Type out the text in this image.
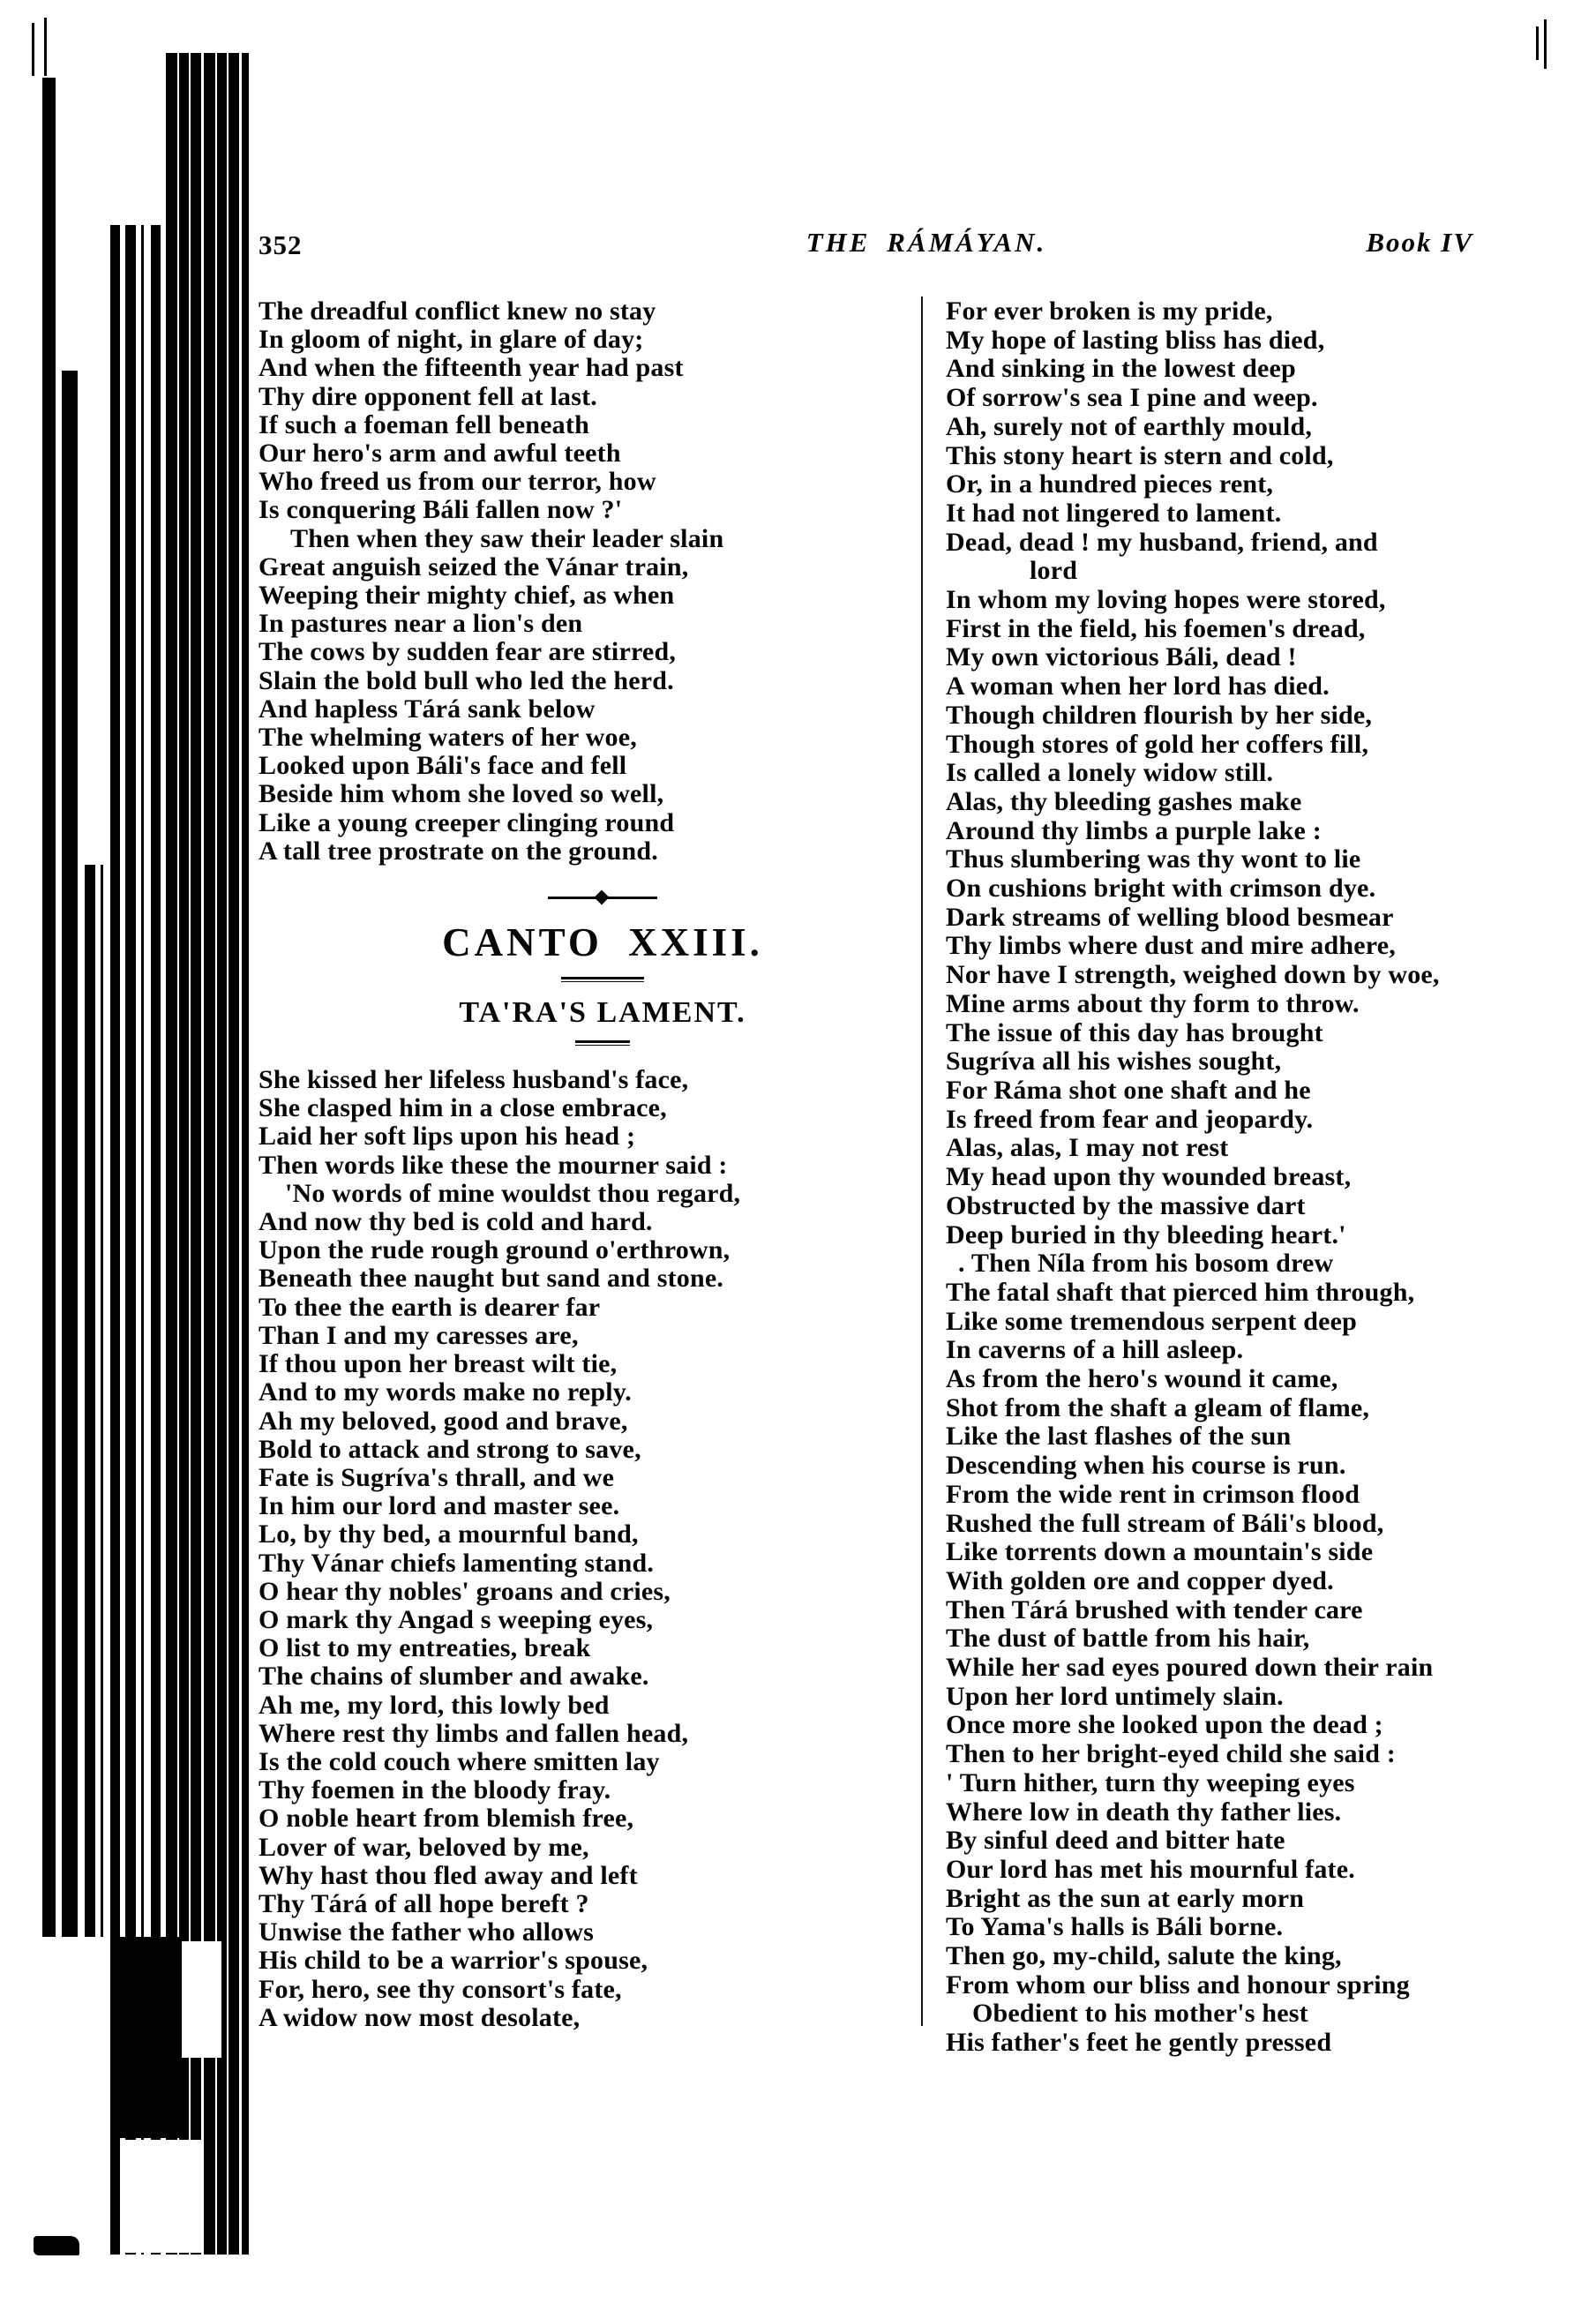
352	THE RÁMÁYAN.	Book IV
The dreadful conflict knew no stay
In gloom of night, in glare of day;
And when the fifteenth year had past
Thy dire opponent fell at last.
If such a foeman fell beneath
Our hero's arm and awful teeth
Who freed us from our terror, how
Is conquering Báli fallen now ?'
Then when they saw their leader slain
Great anguish seized the Vánar train,
Weeping their mighty chief, as when
In pastures near a lion's den
The cows by sudden fear are stirred,
Slain the bold bull who led the herd.
And hapless Tárá sank below
The whelming waters of her woe,
Looked upon Báli's face and fell
Beside him whom she loved so well,
Like a young creeper clinging round
A tall tree prostrate on the ground.
CANTO XXIII.
TA'RA'S LAMENT.
She kissed her lifeless husband's face,
She clasped him in a close embrace,
Laid her soft lips upon his head ;
Then words like these the mourner said :
'No words of mine wouldst thou regard,
And now thy bed is cold and hard.
Upon the rude rough ground o'erthrown,
Beneath thee naught but sand and stone.
To thee the earth is dearer far
Than I and my caresses are,
If thou upon her breast wilt tie,
And to my words make no reply.
Ah my beloved, good and brave,
Bold to attack and strong to save,
Fate is Sugríva's thrall, and we
In him our lord and master see.
Lo, by thy bed, a mournful band,
Thy Vánar chiefs lamenting stand.
O hear thy nobles' groans and cries,
O mark thy Angad s weeping eyes,
O list to my entreaties, break
The chains of slumber and awake.
Ah me, my lord, this lowly bed
Where rest thy limbs and fallen head,
Is the cold couch where smitten lay
Thy foemen in the bloody fray.
O noble heart from blemish free,
Lover of war, beloved by me,
Why hast thou fled away and left
Thy Tárá of all hope bereft ?
Unwise the father who allows
His child to be a warrior's spouse,
For, hero, see thy consort's fate,
A widow now most desolate,
For ever broken is my pride,
My hope of lasting bliss has died,
And sinking in the lowest deep
Of sorrow's sea I pine and weep.
Ah, surely not of earthly mould,
This stony heart is stern and cold,
Or, in a hundred pieces rent,
It had not lingered to lament.
Dead, dead ! my husband, friend, and
lord
In whom my loving hopes were stored,
First in the field, his foemen's dread,
My own victorious Báli, dead !
A woman when her lord has died.
Though children flourish by her side,
Though stores of gold her coffers fill,
Is called a lonely widow still.
Alas, thy bleeding gashes make
Around thy limbs a purple lake :
Thus slumbering was thy wont to lie
On cushions bright with crimson dye.
Dark streams of welling blood besmear
Thy limbs where dust and mire adhere,
Nor have I strength, weighed down by woe,
Mine arms about thy form to throw.
The issue of this day has brought
Sugríva all his wishes sought,
For Ráma shot one shaft and he
Is freed from fear and jeopardy.
Alas, alas, I may not rest
My head upon thy wounded breast,
Obstructed by the massive dart
Deep buried in thy bleeding heart.'
. Then Níla from his bosom drew
The fatal shaft that pierced him through,
Like some tremendous serpent deep
In caverns of a hill asleep.
As from the hero's wound it came,
Shot from the shaft a gleam of flame,
Like the last flashes of the sun
Descending when his course is run.
From the wide rent in crimson flood
Rushed the full stream of Báli's blood,
Like torrents down a mountain's side
With golden ore and copper dyed.
Then Tárá brushed with tender care
The dust of battle from his hair,
While her sad eyes poured down their rain
Upon her lord untimely slain.
Once more she looked upon the dead ;
Then to her bright-eyed child she said :
' Turn hither, turn thy weeping eyes
Where low in death thy father lies.
By sinful deed and bitter hate
Our lord has met his mournful fate.
Bright as the sun at early morn
To Yama's halls is Báli borne.
Then go, my-child, salute the king,
From whom our bliss and honour spring
Obedient to his mother's hest
His father's feet he gently pressed
